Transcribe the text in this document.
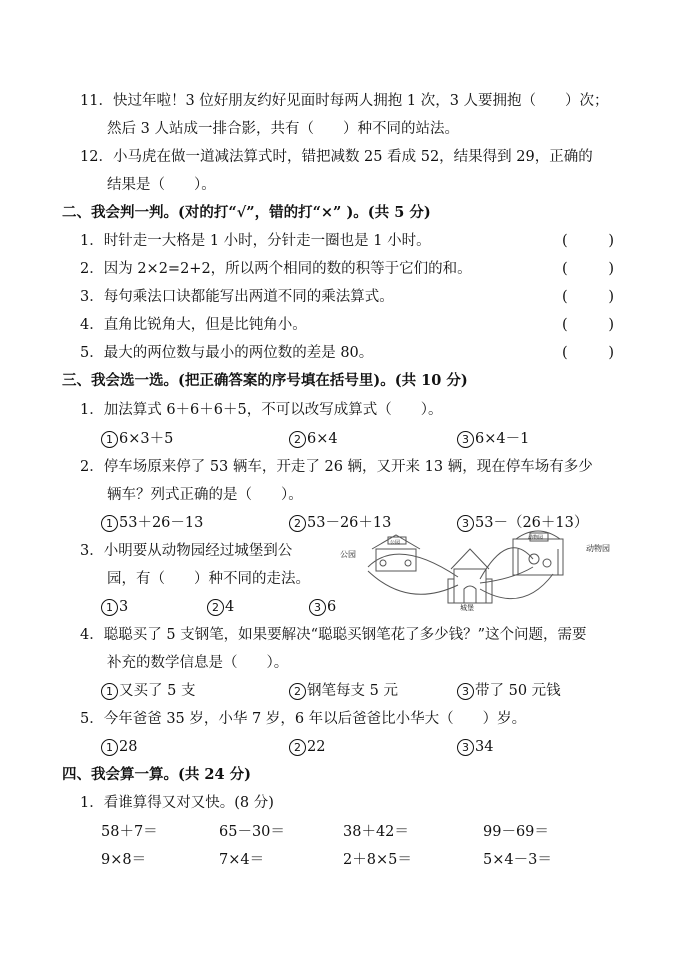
11．快过年啦！3 位好朋友约好见面时每两人拥抱 1 次，3 人要拥抱（　　）次；
然后 3 人站成一排合影，共有（　　）种不同的站法。
12．小马虎在做一道减法算式时，错把减数 25 看成 52，结果得到 29，正确的
结果是（　　）。
二、我会判一判。(对的打“√”，错的打“×” )。(共 5 分)
1．时针走一大格是 1 小时，分针走一圈也是 1 小时。	(	)
2．因为 2×2=2+2，所以两个相同的数的积等于它们的和。	(	)
3．每句乘法口诀都能写出两道不同的乘法算式。	(	)
4．直角比锐角大，但是比钝角小。	(	)
5．最大的两位数与最小的两位数的差是 80。	(	)
三、我会选一选。(把正确答案的序号填在括号里)。(共 10 分)
1．加法算式 6＋6＋6＋5，不可以改写成算式（　　）。
1 6×3＋5	2 6×4	3 6×4－1
2．停车场原来停了 53 辆车，开走了 26 辆，又开来 13 辆，现在停车场有多少
辆车？列式正确的是（　　）。
1 53＋26－13	2 53－26＋13	3 53－（26＋13）
3．小明要从动物园经过城堡到公
园，有（　　）种不同的走法。
1 3	2 4	3 6
公园
公园
城堡
动物园
动物园
4．聪聪买了 5 支钢笔，如果要解决“聪聪买钢笔花了多少钱？”这个问题，需要
补充的数学信息是（　　）。
1 又买了 5 支	2 钢笔每支 5 元	3 带了 50 元钱
5．今年爸爸 35 岁，小华 7 岁，6 年以后爸爸比小华大（　　）岁。
1 28	2 22	3 34
四、我会算一算。(共 24 分)
1．看谁算得又对又快。(8 分)
58＋7＝	65－30＝	38＋42＝	99－69＝
9×8＝	7×4＝	2＋8×5＝	5×4－3＝
